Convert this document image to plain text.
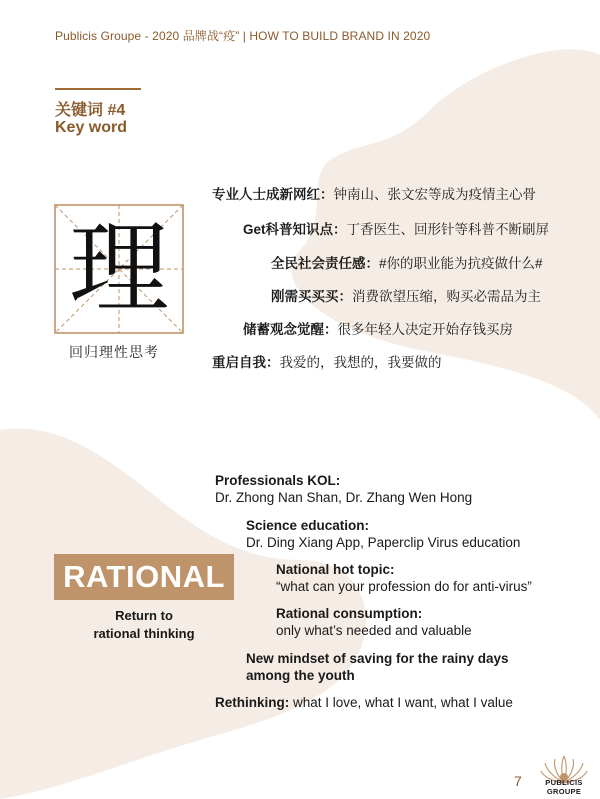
Publicis Groupe - 2020 品牌战“疫” | HOW TO BUILD BRAND IN 2020
关键词 #4
Key word
理
回归理性思考
专业人士成新网红：钟南山、张文宏等成为疫情主心骨
Get科普知识点：丁香医生、回形针等科普不断刷屏
全民社会责任感：#你的职业能为抗疫做什么#
刚需买买买：消费欲望压缩，购买必需品为主
储蓄观念觉醒：很多年轻人决定开始存钱买房
重启自我：我爱的，我想的，我要做的
RATIONAL
Return to
rational thinking
Professionals KOL:
Dr. Zhong Nan Shan, Dr. Zhang Wen Hong
Science education:
Dr. Ding Xiang App, Paperclip Virus education
National hot topic:
“what can your profession do for anti-virus”
Rational consumption:
only what’s needed and valuable
New mindset of saving for the rainy days
among the youth
Rethinking: what I love, what I want, what I value
7	PUBLICIS
GROUPE
